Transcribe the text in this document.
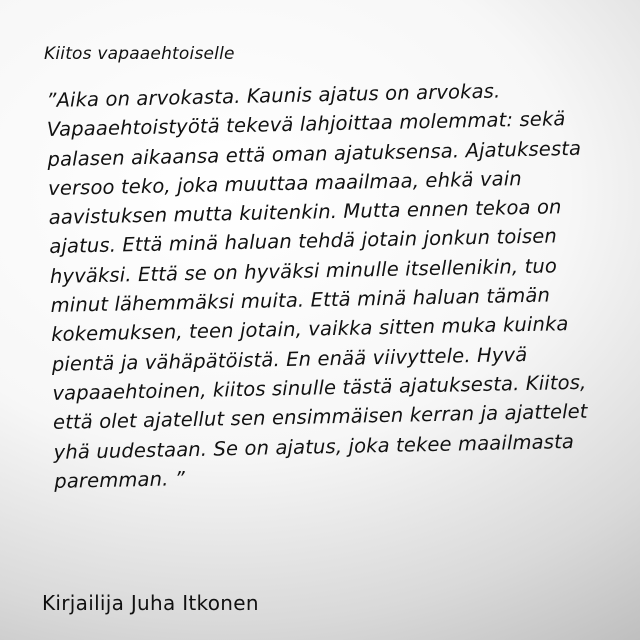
Kiitos vapaaehtoiselle
”Aika on arvokasta. Kaunis ajatus on arvokas.
Vapaaehtoistyötä tekevä lahjoittaa molemmat: sekä
palasen aikaansa että oman ajatuksensa. Ajatuksesta
versoo teko, joka muuttaa maailmaa, ehkä vain
aavistuksen mutta kuitenkin. Mutta ennen tekoa on
ajatus. Että minä haluan tehdä jotain jonkun toisen
hyväksi. Että se on hyväksi minulle itsellenikin, tuo
minut lähemmäksi muita. Että minä haluan tämän
kokemuksen, teen jotain, vaikka sitten muka kuinka
pientä ja vähäpätöistä. En enää viivyttele. Hyvä
vapaaehtoinen, kiitos sinulle tästä ajatuksesta. Kiitos,
että olet ajatellut sen ensimmäisen kerran ja ajattelet
yhä uudestaan. Se on ajatus, joka tekee maailmasta
paremman. ”
Kirjailija Juha Itkonen
